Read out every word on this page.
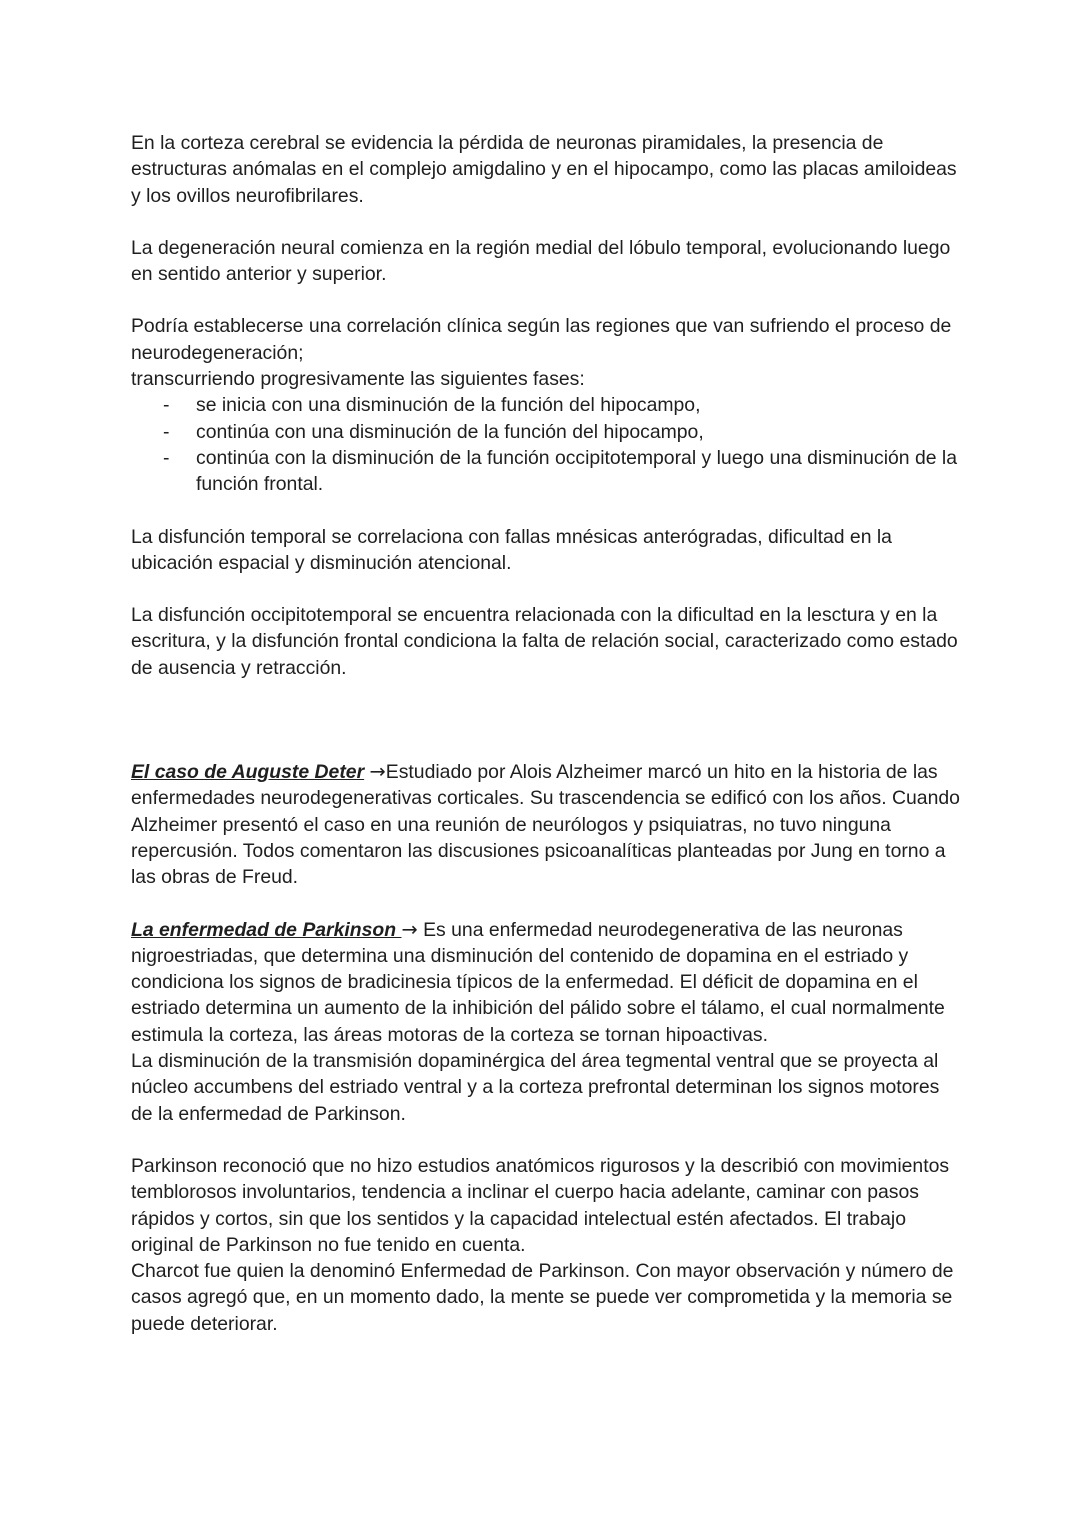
En la corteza cerebral se evidencia la pérdida de neuronas piramidales, la presencia de estructuras anómalas en el complejo amigdalino y en el hipocampo, como las placas amiloideas y los ovillos neurofibrilares.

La degeneración neural comienza en la región medial del lóbulo temporal, evolucionando luego en sentido anterior y superior.

Podría establecerse una correlación clínica según las regiones que van sufriendo el proceso de neurodegeneración;
transcurriendo progresivamente las siguientes fases:

- se inicia con una disminución de la función del hipocampo,
- continúa con una disminución de la función del hipocampo,
- continúa con la disminución de la función occipitotemporal y luego una disminución de la función frontal.

La disfunción temporal se correlaciona con fallas mnésicas anterógradas, dificultad en la ubicación espacial y disminución atencional.

La disfunción occipitotemporal se encuentra relacionada con la dificultad en la lesctura y en la escritura, y la disfunción frontal condiciona la falta de relación social, caracterizado como estado de ausencia y retracción.

El caso de Auguste Deter →Estudiado por Alois Alzheimer marcó un hito en la historia de las enfermedades neurodegenerativas corticales. Su trascendencia se edificó con los años. Cuando Alzheimer presentó el caso en una reunión de neurólogos y psiquiatras, no tuvo ninguna repercusión. Todos comentaron las discusiones psicoanalíticas planteadas por Jung en torno a las obras de Freud.

La enfermedad de Parkinson → Es una enfermedad neurodegenerativa de las neuronas nigroestriadas, que determina una disminución del contenido de dopamina en el estriado y condiciona los signos de bradicinesia típicos de la enfermedad. El déficit de dopamina en el estriado determina un aumento de la inhibición del pálido sobre el tálamo, el cual normalmente estimula la corteza, las áreas motoras de la corteza se tornan hipoactivas.

La disminución de la transmisión dopaminérgica del área tegmental ventral que se proyecta al núcleo accumbens del estriado ventral y a la corteza prefrontal determinan los signos motores de la enfermedad de Parkinson.

Parkinson reconoció que no hizo estudios anatómicos rigurosos y la describió con movimientos temblorosos involuntarios, tendencia a inclinar el cuerpo hacia adelante, caminar con pasos rápidos y cortos, sin que los sentidos y la capacidad intelectual estén afectados. El trabajo original de Parkinson no fue tenido en cuenta.

Charcot fue quien la denominó Enfermedad de Parkinson. Con mayor observación y número de casos agregó que, en un momento dado, la mente se puede ver comprometida y la memoria se puede deteriorar.
